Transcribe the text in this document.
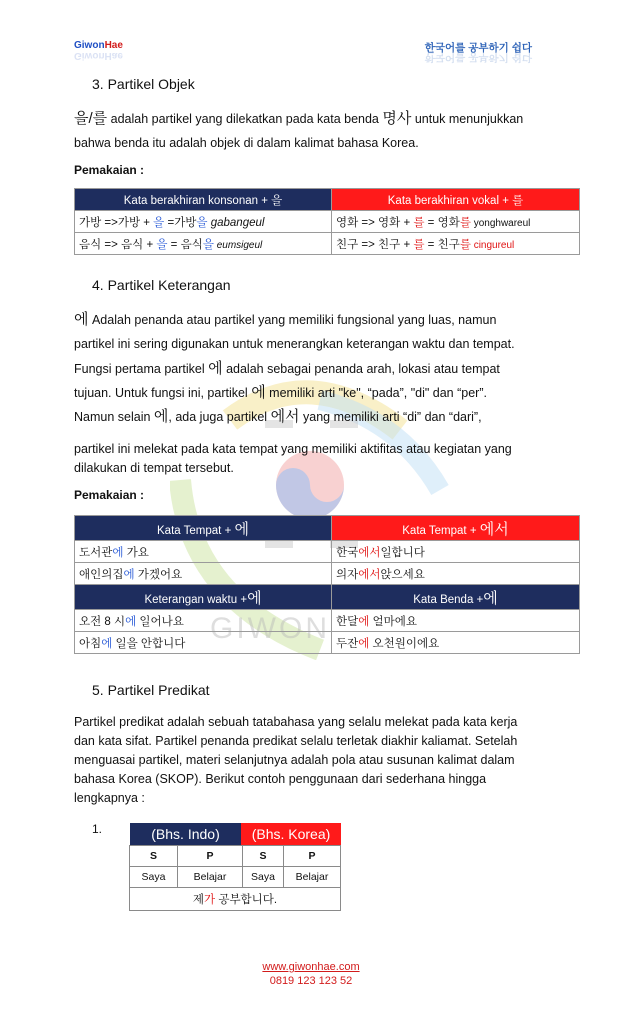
GIWON
GiwonHae
GiwonHae
한국어를 공부하기 쉽다
한국어를 공부하기 쉽다
3. Partikel Objek
을/를 adalah partikel yang dilekatkan pada kata benda 명사 untuk menunjukkan
bahwa benda itu adalah objek di dalam kalimat bahasa Korea.
Pemakaian :
Kata berakhiran konsonan + 을	Kata berakhiran vokal + 를
가방 =>가방 + 을 =가방을 gabangeul	영화 => 영화 + 를 = 영화를 yonghwareul
음식 => 음식 + 을 = 음식을 eumsigeul	친구 => 친구 + 를 = 친구를 cingureul
4. Partikel Keterangan
에 Adalah penanda atau partikel yang memiliki fungsional yang luas, namun
partikel ini sering digunakan untuk menerangkan keterangan waktu dan tempat.
Fungsi pertama partikel 에 adalah sebagai penanda arah, lokasi atau tempat
tujuan. Untuk fungsi ini, partikel 에 memiliki arti "ke", “pada”, "di" dan “per”.
Namun selain 에, ada juga partikel 에서 yang memiliki arti “di” dan “dari”,
partikel ini melekat pada kata tempat yang memiliki aktifitas atau kegiatan yang
dilakukan di tempat tersebut.
Pemakaian :
Kata Tempat + 에	Kata Tempat + 에서
도서관에 가요	한국에서일합니다
애인의집에 가겠어요	의자에서앉으세요
Keterangan waktu +에	Kata Benda +에
오전 8 시에 일어나요	한달에 얼마에요
아침에 일을 안합니다	두잔에 오천원이에요
5. Partikel Predikat
Partikel predikat adalah sebuah tatabahasa yang selalu melekat pada kata kerja
dan kata sifat. Partikel penanda predikat selalu terletak diakhir kaliamat. Setelah
menguasai partikel, materi selanjutnya adalah pola atau susunan kalimat dalam
bahasa Korea (SKOP). Berikut contoh penggunaan dari sederhana hingga
lengkapnya :
1.	(Bhs. Indo)	(Bhs. Korea)
S	P	S	P
Saya	Belajar	Saya	Belajar
제가 공부합니다.			
www.giwonhae.com
0819 123 123 52
